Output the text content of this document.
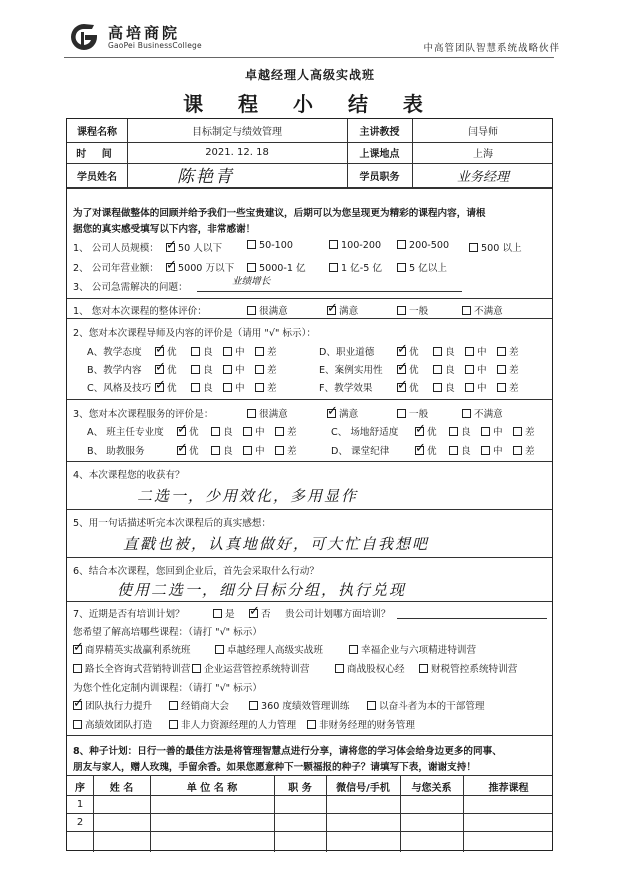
高培商院
GaoPei BusinessCollege	中高管团队智慧系统战略伙伴
卓越经理人高级实战班
课 程 小 结 表
课程名称	目标制定与绩效管理	主讲教授	闫导师
时 间	2021. 12. 18	上课地点	上海
学员姓名	陈艳青	学员职务	业务经理
为了对课程做整体的回顾并给予我们一些宝贵建议，后期可以为您呈现更为精彩的课程内容，请根
据您的真实感受填写以下内容，非常感谢！
1、 公司人员规模： ✓	50 人以下	50-100	100-200	200-500	500 以上
2、 公司年营业额： ✓	5000 万以下	5000-1 亿	1 亿-5 亿	5 亿以上
3、 公司急需解决的问题：
业绩增长
1、 您对本次课程的整体评价：	很满意 ✓	满意	一般	不满意
2、您对本次课程导师及内容的评价是（请用 "√" 标示）：
A、教学态度 ✓	优	良	中	差	D、职业道德 ✓	优	良	中	差
B、教学内容 ✓	优	良	中	差	E、案例实用性 ✓	优	良	中	差
C、风格及技巧 ✓	优	良	中	差	F、教学效果 ✓	优	良	中	差
3、您对本次课程服务的评价是：	很满意 ✓	满意	一般	不满意
A、 班主任专业度 ✓	优	良	中	差	C、 场地舒适度 ✓	优	良	中	差
B、 助教服务 ✓	优	良	中	差	D、 课堂纪律 ✓	优	良	中	差
4、本次课程您的收获有？
二选一，少用效化，多用显作
5、用一句话描述听完本次课程后的真实感想：
直戳也被，认真地做好，可大忙自我想吧
6、结合本次课程，您回到企业后，首先会采取什么行动？
使用二选一，细分目标分组，执行兑现
7、近期是否有培训计划？	是 ✓	否 贵公司计划哪方面培训？
您希望了解高培哪些课程：（请打 "√" 标示）
✓商界精英实战赢利系统班	卓越经理人高级实战班	幸福企业与六项精进特训营
路长全咨询式营销特训营	企业运营管控系统特训营	商战股权心经	财税管控系统特训营
为您个性化定制内训课程：（请打 "√" 标示）
✓团队执行力提升	经销商大会	360 度绩效管理训练	以奋斗者为本的干部管理
高绩效团队打造	非人力资源经理的人力管理	非财务经理的财务管理
8、种子计划：日行一善的最佳方法是将管理智慧点进行分享，请将您的学习体会给身边更多的同事、
朋友与家人，赠人玫瑰，手留余香。如果您愿意种下一颗福报的种子？请填写下表，谢谢支持！
序	姓 名	单 位 名 称	职 务	微信号/手机	与您关系	推荐课程
1
2
